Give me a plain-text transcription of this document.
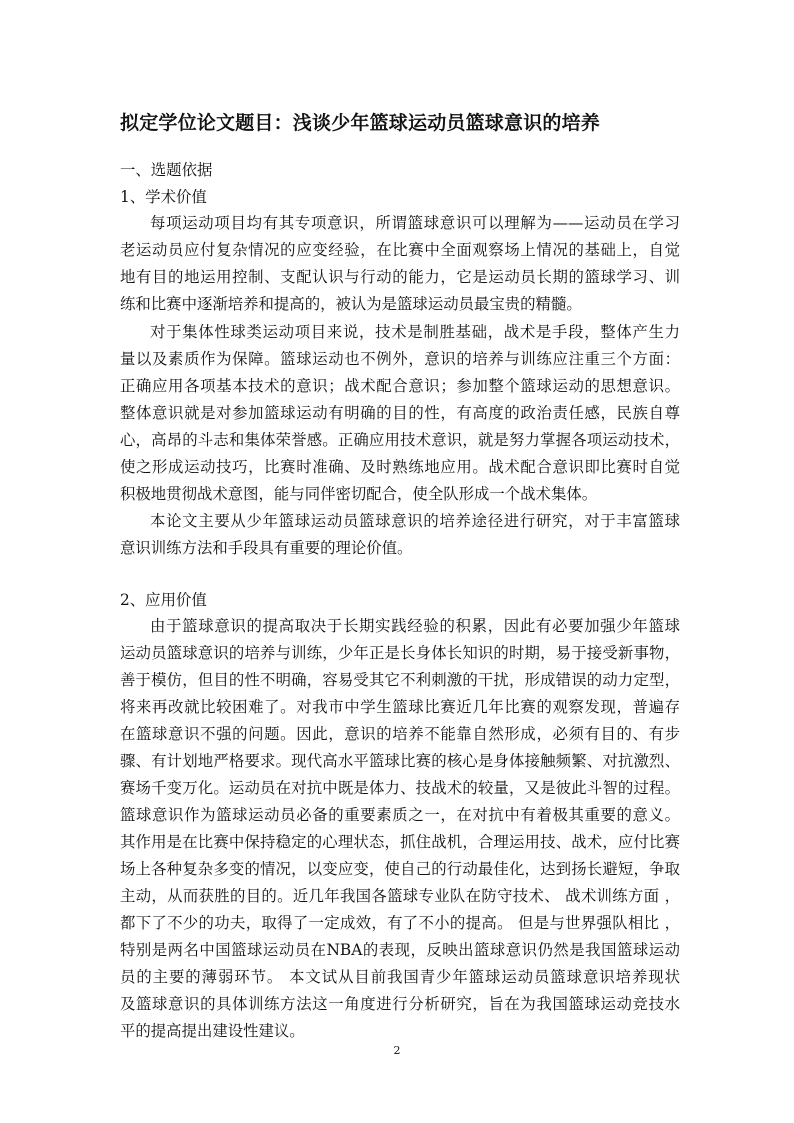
拟定学位论文题目：浅谈少年篮球运动员篮球意识的培养
一、选题依据
1、学术价值
每项运动项目均有其专项意识，所谓篮球意识可以理解为——运动员在学习
老运动员应付复杂情况的应变经验，在比赛中全面观察场上情况的基础上，自觉
地有目的地运用控制、支配认识与行动的能力，它是运动员长期的篮球学习、训
练和比赛中逐渐培养和提高的，被认为是篮球运动员最宝贵的精髓。
对于集体性球类运动项目来说，技术是制胜基础，战术是手段，整体产生力
量以及素质作为保障。篮球运动也不例外，意识的培养与训练应注重三个方面：
正确应用各项基本技术的意识；战术配合意识；参加整个篮球运动的思想意识。
整体意识就是对参加篮球运动有明确的目的性，有高度的政治责任感，民族自尊
心，高昂的斗志和集体荣誉感。正确应用技术意识，就是努力掌握各项运动技术，
使之形成运动技巧，比赛时准确、及时熟练地应用。战术配合意识即比赛时自觉
积极地贯彻战术意图，能与同伴密切配合，使全队形成一个战术集体。
本论文主要从少年篮球运动员篮球意识的培养途径进行研究，对于丰富篮球
意识训练方法和手段具有重要的理论价值。
2、应用价值
由于篮球意识的提高取决于长期实践经验的积累，因此有必要加强少年篮球
运动员篮球意识的培养与训练，少年正是长身体长知识的时期，易于接受新事物，
善于模仿，但目的性不明确，容易受其它不利刺激的干扰，形成错误的动力定型，
将来再改就比较困难了。对我市中学生篮球比赛近几年比赛的观察发现，普遍存
在篮球意识不强的问题。因此，意识的培养不能靠自然形成，必须有目的、有步
骤、有计划地严格要求。现代高水平篮球比赛的核心是身体接触频繁、对抗激烈、
赛场千变万化。运动员在对抗中既是体力、技战术的较量，又是彼此斗智的过程。
篮球意识作为篮球运动员必备的重要素质之一，在对抗中有着极其重要的意义。
其作用是在比赛中保持稳定的心理状态，抓住战机，合理运用技、战术，应付比赛
场上各种复杂多变的情况，以变应变，使自己的行动最佳化，达到扬长避短，争取
主动，从而获胜的目的。近几年我国各篮球专业队在防守技术、 战术训练方面 ，
都下了不少的功夫，取得了一定成效，有了不小的提高。 但是与世界强队相比 ，
特别是两名中国篮球运动员在NBA的表现，反映出篮球意识仍然是我国篮球运动
员的主要的薄弱环节。 本文试从目前我国青少年篮球运动员篮球意识培养现状
及篮球意识的具体训练方法这一角度进行分析研究，旨在为我国篮球运动竞技水
平的提高提出建设性建议。
2
